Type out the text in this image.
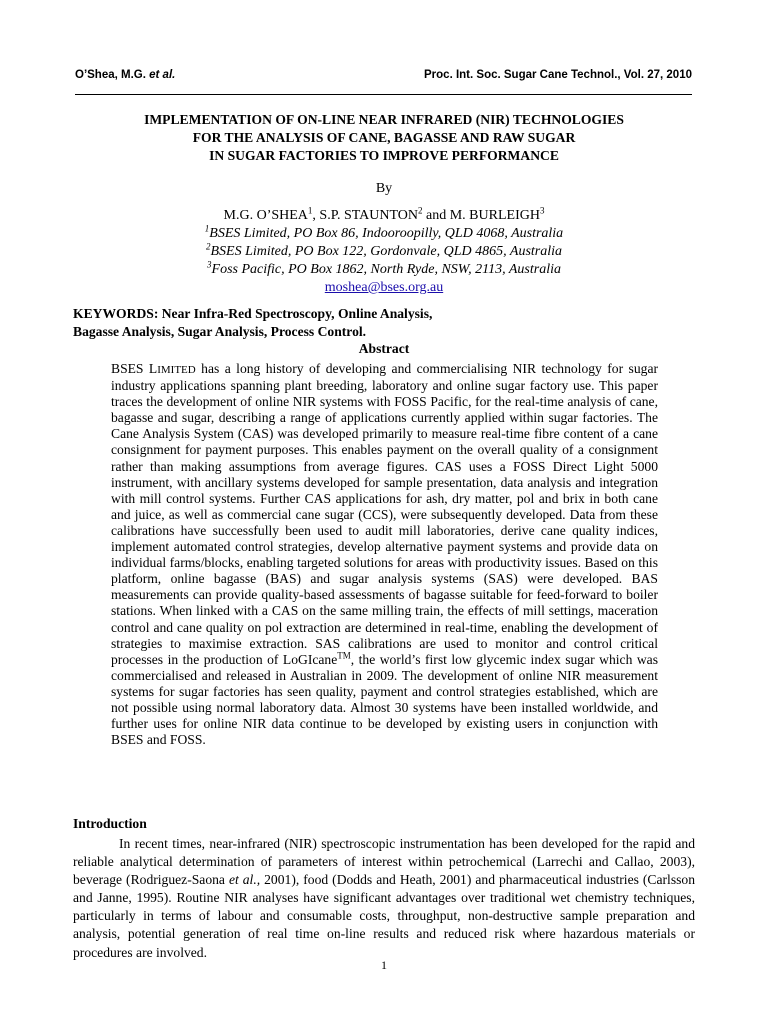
O’Shea, M.G. et al.	Proc. Int. Soc. Sugar Cane Technol., Vol. 27, 2010
IMPLEMENTATION OF ON-LINE NEAR INFRARED (NIR) TECHNOLOGIES
FOR THE ANALYSIS OF CANE, BAGASSE AND RAW SUGAR
IN SUGAR FACTORIES TO IMPROVE PERFORMANCE
By
M.G. O’SHEA$^1$, S.P. STAUNTON$^2$ and M. BURLEIGH$^3$
$^1$BSES Limited, PO Box 86, Indooroopilly, QLD 4068, Australia
$^2$BSES Limited, PO Box 122, Gordonvale, QLD 4865, Australia
$^3$Foss Pacific, PO Box 1862, North Ryde, NSW, 2113, Australia
moshea@bses.org.au
KEYWORDS: Near Infra-Red Spectroscopy, Online Analysis,
Bagasse Analysis, Sugar Analysis, Process Control.
Abstract
BSES LIMITED has a long history of developing and commercialising NIR technology for sugar industry applications spanning plant breeding, laboratory and online sugar factory use. This paper traces the development of online NIR systems with FOSS Pacific, for the real-time analysis of cane, bagasse and sugar, describing a range of applications currently applied within sugar factories. The Cane Analysis System (CAS) was developed primarily to measure real-time fibre content of a cane consignment for payment purposes. This enables payment on the overall quality of a consignment rather than making assumptions from average figures. CAS uses a FOSS Direct Light 5000 instrument, with ancillary systems developed for sample presentation, data analysis and integration with mill control systems. Further CAS applications for ash, dry matter, pol and brix in both cane and juice, as well as commercial cane sugar (CCS), were subsequently developed. Data from these calibrations have successfully been used to audit mill laboratories, derive cane quality indices, implement automated control strategies, develop alternative payment systems and provide data on individual farms/blocks, enabling targeted solutions for areas with productivity issues. Based on this platform, online bagasse (BAS) and sugar analysis systems (SAS) were developed. BAS measurements can provide quality-based assessments of bagasse suitable for feed-forward to boiler stations. When linked with a CAS on the same milling train, the effects of mill settings, maceration control and cane quality on pol extraction are determined in real-time, enabling the development of strategies to maximise extraction. SAS calibrations are used to monitor and control critical processes in the production of LoGIcane™, the world’s first low glycemic index sugar which was commercialised and released in Australian in 2009. The development of online NIR measurement systems for sugar factories has seen quality, payment and control strategies established, which are not possible using normal laboratory data. Almost 30 systems have been installed worldwide, and further uses for online NIR data continue to be developed by existing users in conjunction with BSES and FOSS.
Introduction
In recent times, near-infrared (NIR) spectroscopic instrumentation has been developed for the rapid and reliable analytical determination of parameters of interest within petrochemical (Larrechi and Callao, 2003), beverage (Rodriguez-Saona et al., 2001), food (Dodds and Heath, 2001) and pharmaceutical industries (Carlsson and Janne, 1995). Routine NIR analyses have significant advantages over traditional wet chemistry techniques, particularly in terms of labour and consumable costs, throughput, non-destructive sample preparation and analysis, potential generation of real time on-line results and reduced risk where hazardous materials or procedures are involved.
1
